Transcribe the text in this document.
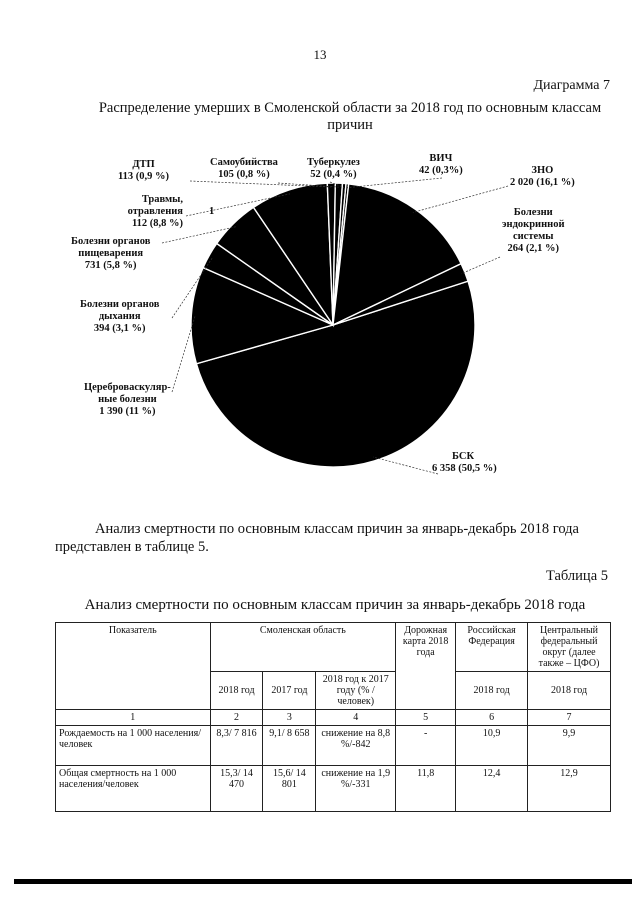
13
Диаграмма 7
Распределение умерших в Смоленской области за 2018 год по основным классам причин
БСК
6 358 (50,5 %)
Цереброваскуляр-
ные болезни
1 390 (11 %)
Болезни органов
дыхания
394 (3,1 %)
Болезни органов
пищеварения
731 (5,8 %)
Травмы,
отравления
112 (8,8 %)
1
ДТП
113 (0,9 %)
Самоубийства
105 (0,8 %)
Туберкулез
52 (0,4 %)
ВИЧ
42 (0,3%)	ЗНО
2 020 (16,1 %)
Болезни
эндокринной
системы
264 (2,1 %)
Анализ смертности по основным классам причин за январь-декабрь 2018 года
представлен в таблице 5.
Таблица 5
Анализ смертности по основным классам причин за январь-декабрь 2018 года
Показатель	Смоленская область			Дорожная карта 2018 года	Российская Федерация	Центральный федеральный округ (далее также – ЦФО)
	2018 год	2017 год	2018 год к 2017 году (% /человек)		2018 год	2018 год
1	2	3	4	5	6	7
Рождаемость на 1 000 населения/человек	8,3/ 7 816	9,1/ 8 658	снижение на 8,8 %/-842	-	10,9	9,9
Общая смертность на 1 000 населения/человек	15,3/ 14 470	15,6/ 14 801	снижение на 1,9 %/-331	11,8	12,4	12,9
